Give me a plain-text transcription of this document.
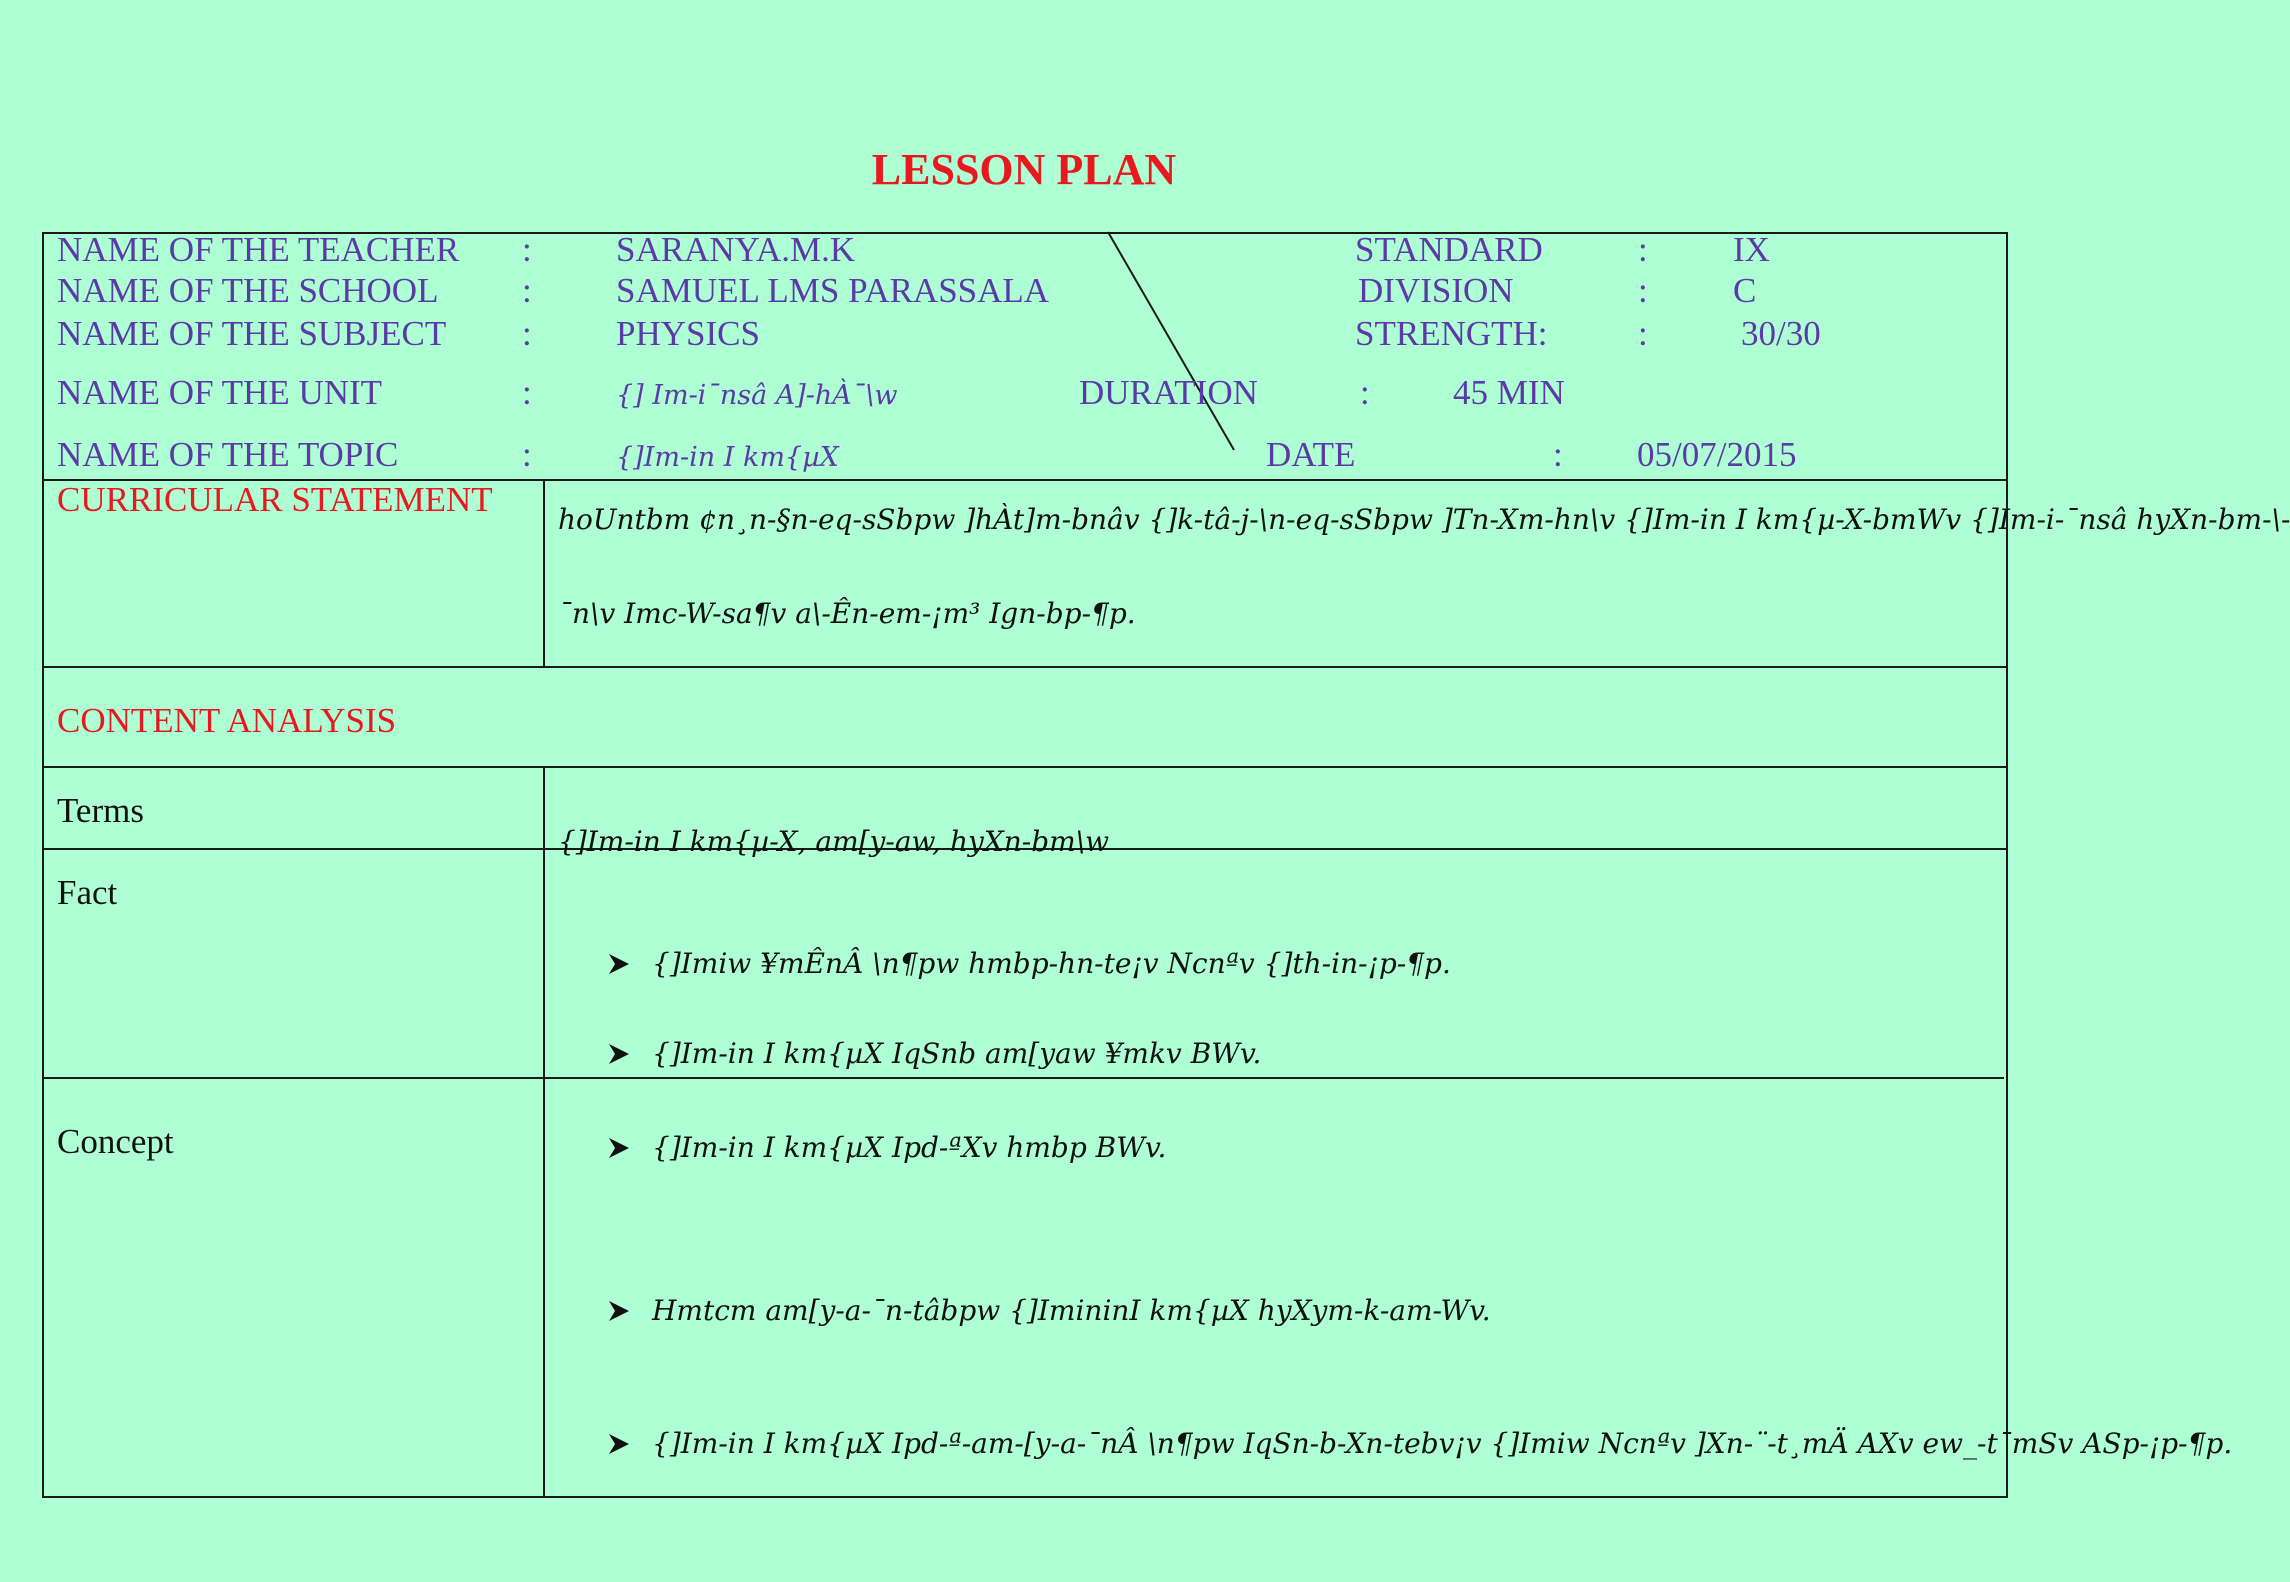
LESSON PLAN
NAME OF THE TEACHER : SARANYA.M.K
NAME OF THE SCHOOL : SAMUEL LMS PARASSALA
NAME OF THE SUBJECT : PHYSICS
NAME OF THE UNIT	:	{] Im-i¯nsâ A]-hÀ¯\w
NAME OF THE TOPIC	:	{]Im-in I km{µX
STANDARD	: IX
DIVISION	: C
STRENGTH:	:	30/30
DURATION	: 45 MIN
DATE	: 05/07/2015
CURRICULAR STATEMENT
hoUntbm ¢n¸n-§n-eq-sSbpw ]hÀt]m-bnâv {]k-tâ-j-\n-eq-sSbpw ]Tn-Xm-hn\v {]Im-in I km{µ-X-bmWv {]Im-i-¯nsâ hyXn-bm-\-
¯n\v Imc-W-sa¶v a\-Ên-em-¡m³ Ign-bp-¶p.
CONTENT ANALYSIS
Terms
{]Im-in I km{µ-X, am[y-aw, hyXn-bm\w
Fact
{]Imiw ¥mÊnÂ \n¶pw hmbp-hn-te¡v Ncnªv {]th-in-¡p-¶p.
{]Im-in I km{µX IqSnb am[yaw ¥mkv BWv.
Concept	{]Im-in I km{µX Ipd-ªXv hmbp BWv.
Hmtcm am[y-a-¯n-tâbpw {]ImininI km{µX hyXym-k-am-Wv.
{]Im-in I km{µX Ipd-ª-am-[y-a-¯nÂ \n¶pw IqSn-b-Xn-tebv¡v {]Imiw Ncnªv ]Xn-¨-t¸mÄ AXv ew_-t¯mSv ASp-¡p-¶p.
